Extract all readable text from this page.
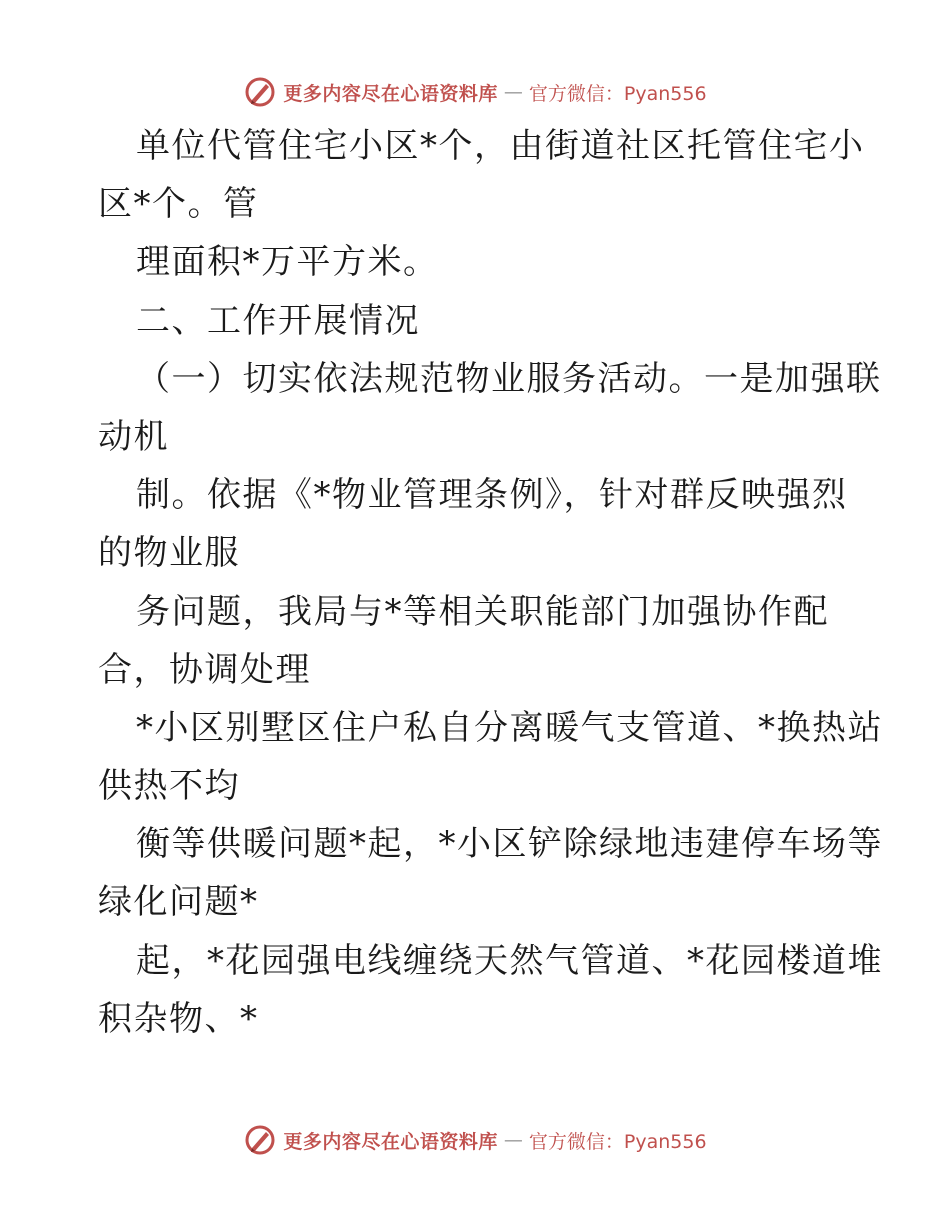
更多内容尽在心语资料库 — 官方微信：Pyan556
单位代管住宅小区*个，由街道社区托管住宅小
区*个。管
理面积*万平方米。
二、工作开展情况
（一）切实依法规范物业服务活动。一是加强联
动机
制。依据《*物业管理条例》，针对群反映强烈
的物业服
务问题，我局与*等相关职能部门加强协作配
合，协调处理
*小区别墅区住户私自分离暖气支管道、*换热站
供热不均
衡等供暖问题*起，*小区铲除绿地违建停车场等
绿化问题*
起，*花园强电线缠绕天然气管道、*花园楼道堆
积杂物、*
更多内容尽在心语资料库 — 官方微信：Pyan556
